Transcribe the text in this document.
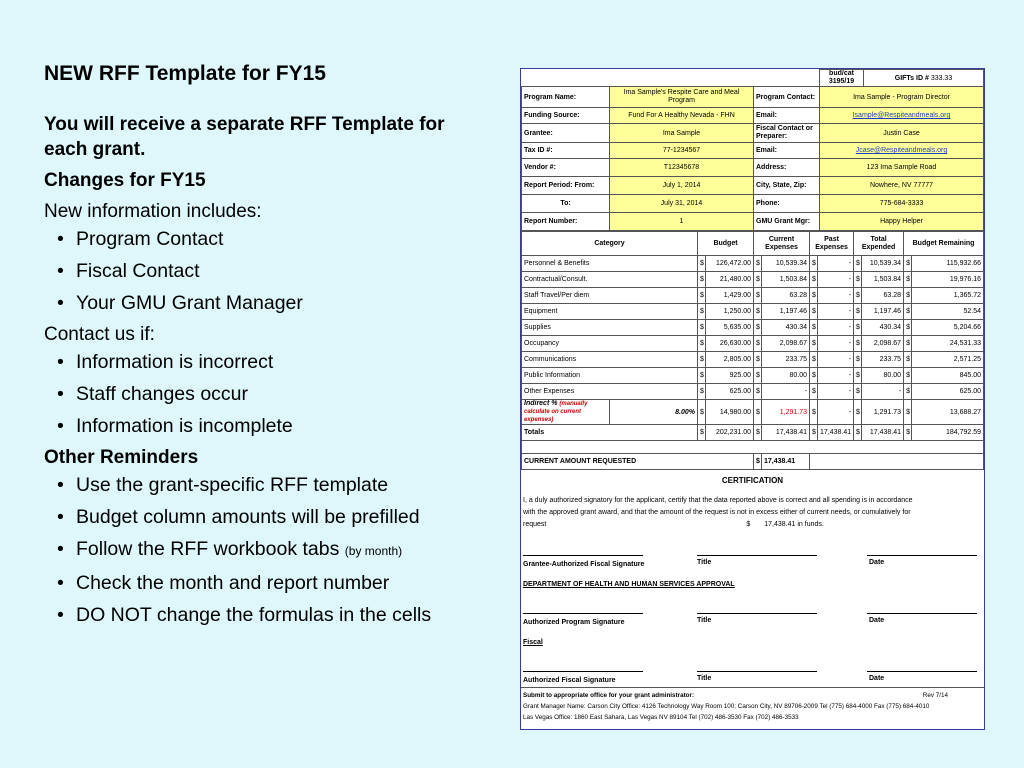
NEW RFF Template for FY15
You will receive a separate RFF Template for each grant.
Changes for FY15
New information includes:
• Program Contact
• Fiscal Contact
• Your GMU Grant Manager
Contact us if:
• Information is incorrect
• Staff changes occur
• Information is incomplete
Other Reminders
• Use the grant-specific RFF template
• Budget column amounts will be prefilled
• Follow the RFF workbook tabs (by month)
• Check the month and report number
• DO NOT change the formulas in the cells
			bud/cat
3195/19	GIFTs ID # 333.33
Program Name:	Ima Sample's Respite Care and Meal Program	Program Contact:	Ima Sample - Program Director	
Funding Source:	Fund For A Healthy Nevada - FHN	Email:	Isample@Respiteandmeals.org	
Grantee:	Ima Sample	Fiscal Contact or Preparer:	Justin Case	
Tax ID #:	77-1234567	Email:	Jcase@Respiteandmeals.org	
Vendor #:	T12345678	Address:	123 Ima Sample Road	
Report Period: From:	July 1, 2014	City, State, Zip:	Nowhere, NV 77777	
To:	July 31, 2014	Phone:	775-684-3333	
Report Number:	1	GMU Grant Mgr:	Happy Helper	
Category		Budget		Current Expenses		Past Expenses		Total Expended		Budget Remaining	
Personnel & Benefits		$	126,472.00	$	10,539.34	$	-	$	10,539.34	$	115,932.66
Contractual/Consult.		$	21,480.00	$	1,503.84	$	-	$	1,503.84	$	19,976.16
Staff Travel/Per diem		$	1,429.00	$	63.28	$	-	$	63.28	$	1,365.72
Equipment		$	1,250.00	$	1,197.46	$	-	$	1,197.46	$	52.54
Supplies		$	5,635.00	$	430.34	$	-	$	430.34	$	5,204.66
Occupancy		$	26,630.00	$	2,098.67	$	-	$	2,098.67	$	24,531.33
Communications		$	2,805.00	$	233.75	$	-	$	233.75	$	2,571.25
Public Information		$	925.00	$	80.00	$	-	$	80.00	$	845.00
Other Expenses		$	625.00	$	-	$	-	$	-	$	625.00
Indirect % (manually calculate on current expenses)	8.00%	$	14,980.00	$	1,291.73	$	-	$	1,291.73	$	13,688.27
Totals		$	202,231.00	$	17,438.41	$	17,438.41	$	17,438.41	$	184,792.59

CURRENT AMOUNT REQUESTED				$	17,438.41						
CERTIFICATION

I, a duly authorized signatory for the applicant, certify that the data reported above is correct and all spending is in accordance

with the approved grant award, and that the amount of the request is not in excess either of current needs, or cumulatively for

request	$ 17,438.41 in funds.

Grantee-Authorized Fiscal Signature	Title	Date
DEPARTMENT OF HEALTH AND HUMAN SERVICES APPROVAL
Authorized Program Signature	Title	Date
Fiscal
Authorized Fiscal Signature	Title	Date
Submit to appropriate office for your grant administrator:	Rev 7/14
Grant Manager Name: Carson City Office: 4126 Technology Way Room 100; Carson City, NV 89706-2009 Tel (775) 684-4000 Fax (775) 684-4010
Las Vegas Office: 1860 East Sahara, Las Vegas NV 89104 Tel (702) 486-3530 Fax (702) 486-3533
